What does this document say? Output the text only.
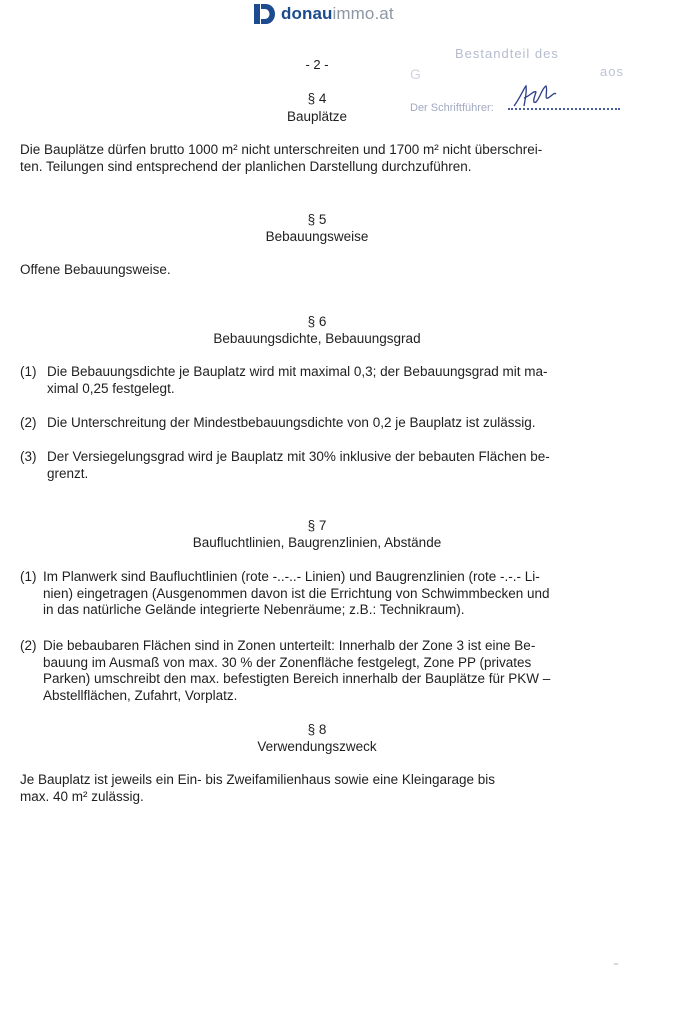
donauimmo.at
Bestandteil des
G	aos
Der Schriftführer:
- 2 -
§ 4
Bauplätze
Die Bauplätze dürfen brutto 1000 m² nicht unterschreiten und 1700 m² nicht überschrei-
ten. Teilungen sind entsprechend der planlichen Darstellung durchzuführen.
§ 5
Bebauungsweise
Offene Bebauungsweise.
§ 6
Bebauungsdichte, Bebauungsgrad
(1) Die Bebauungsdichte je Bauplatz wird mit maximal 0,3; der Bebauungsgrad mit ma-
ximal 0,25 festgelegt.
(2) Die Unterschreitung der Mindestbebauungsdichte von 0,2 je Bauplatz ist zulässig.
(3) Der Versiegelungsgrad wird je Bauplatz mit 30% inklusive der bebauten Flächen be-
grenzt.
§ 7
Baufluchtlinien, Baugrenzlinien, Abstände
(1) Im Planwerk sind Baufluchtlinien (rote -..-..- Linien) und Baugrenzlinien (rote -.-.- Li-
nien) eingetragen (Ausgenommen davon ist die Errichtung von Schwimmbecken und
in das natürliche Gelände integrierte Nebenräume; z.B.: Technikraum).
(2) Die bebaubaren Flächen sind in Zonen unterteilt: Innerhalb der Zone 3 ist eine Be-
bauung im Ausmaß von max. 30 % der Zonenfläche festgelegt, Zone PP (privates
Parken) umschreibt den max. befestigten Bereich innerhalb der Bauplätze für PKW –
Abstellflächen, Zufahrt, Vorplatz.
§ 8
Verwendungszweck
Je Bauplatz ist jeweils ein Ein- bis Zweifamilienhaus sowie eine Kleingarage bis
max. 40 m² zulässig.
